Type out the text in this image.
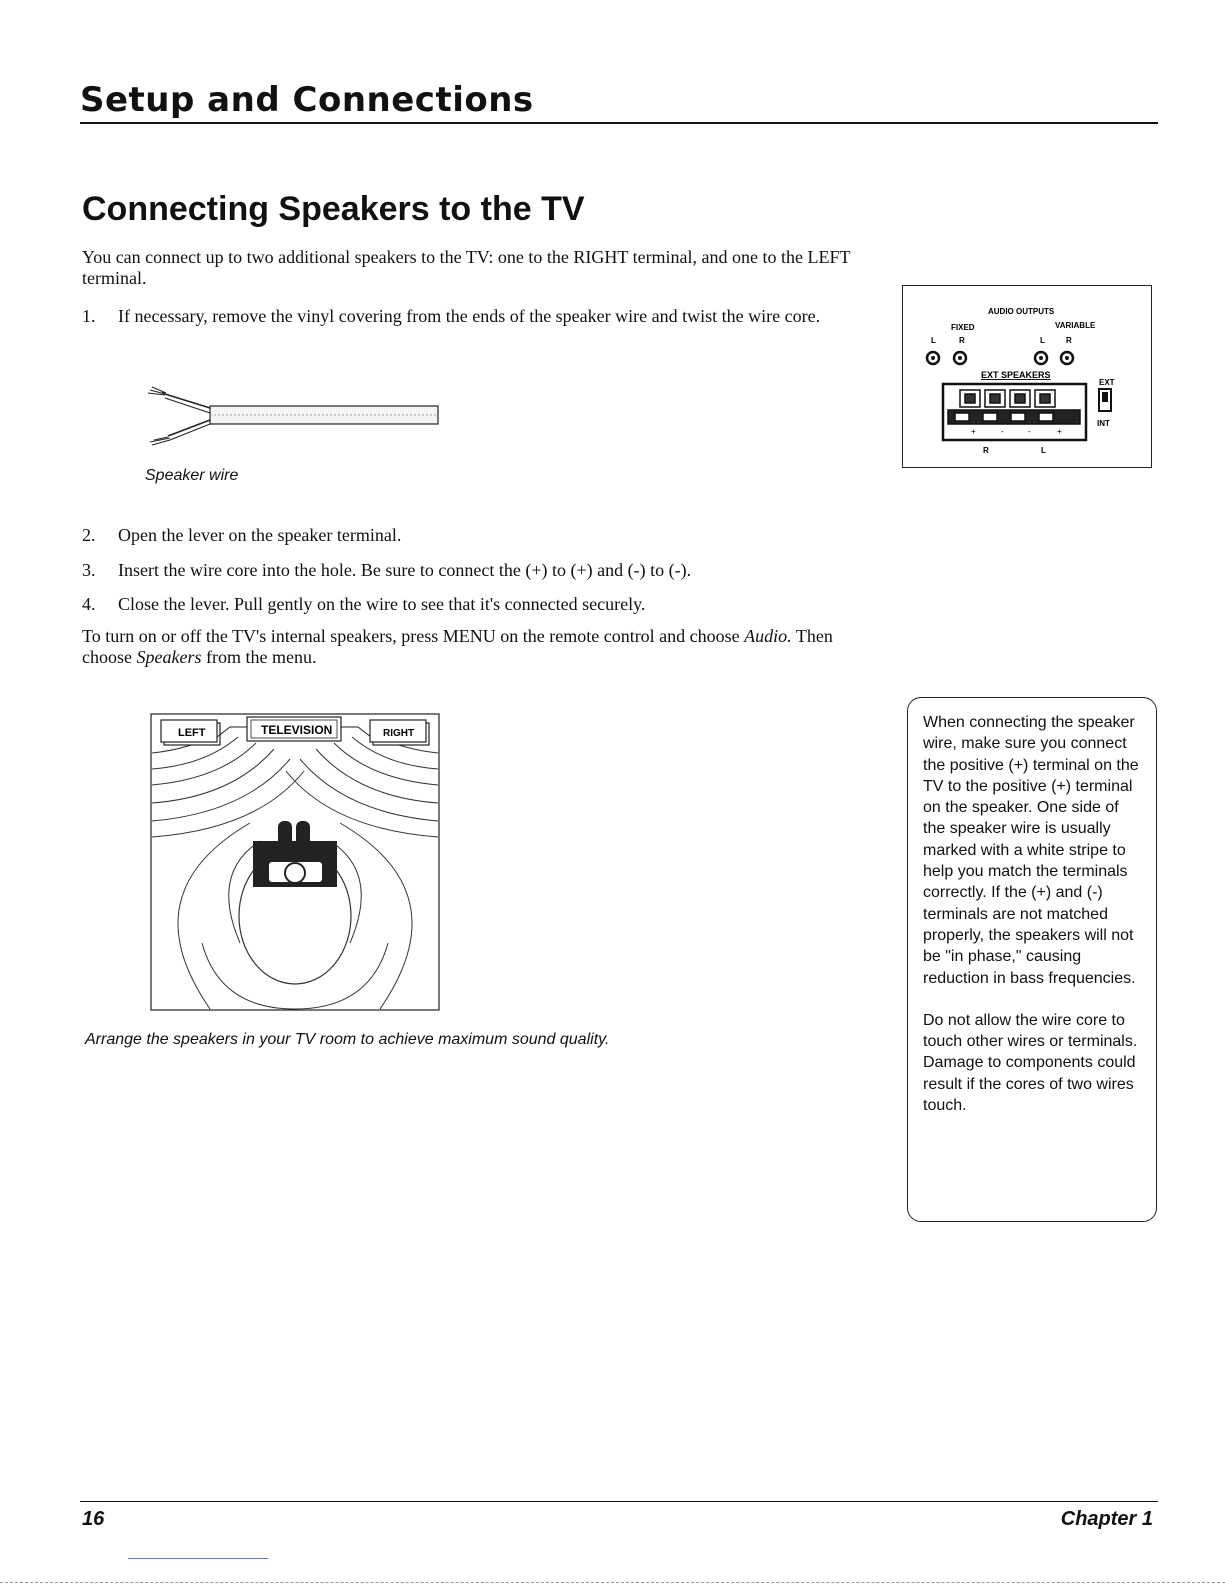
Setup and Connections
Connecting Speakers to the TV
You can connect up to two additional speakers to the TV: one to the RIGHT terminal, and one to the LEFT terminal.
1. If necessary, remove the vinyl covering from the ends of the speaker wire and twist the wire core.
Speaker wire
AUDIO OUTPUTS
FIXED	VARIABLE
L	R	L	R
EXT SPEAKERS
EXT
+	-	-	+
R	L
INT
2. Open the lever on the speaker terminal.
3. Insert the wire core into the hole. Be sure to connect the (+) to (+) and (-) to (-).
4. Close the lever. Pull gently on the wire to see that it's connected securely.
To turn on or off the TV's internal speakers, press MENU on the remote control and choose Audio. Then choose Speakers from the menu.
LEFT	TELEVISION	RIGHT
Arrange the speakers in your TV room to achieve maximum sound quality.

When connecting the speaker wire, make sure you connect the positive (+) terminal on the TV to the positive (+) terminal on the speaker. One side of the speaker wire is usually marked with a white stripe to help you match the terminals correctly. If the (+) and (-) terminals are not matched properly, the speakers will not be "in phase," causing reduction in bass frequencies.

Do not allow the wire core to touch other wires or terminals. Damage to components could result if the cores of two wires touch.

16	Chapter 1
